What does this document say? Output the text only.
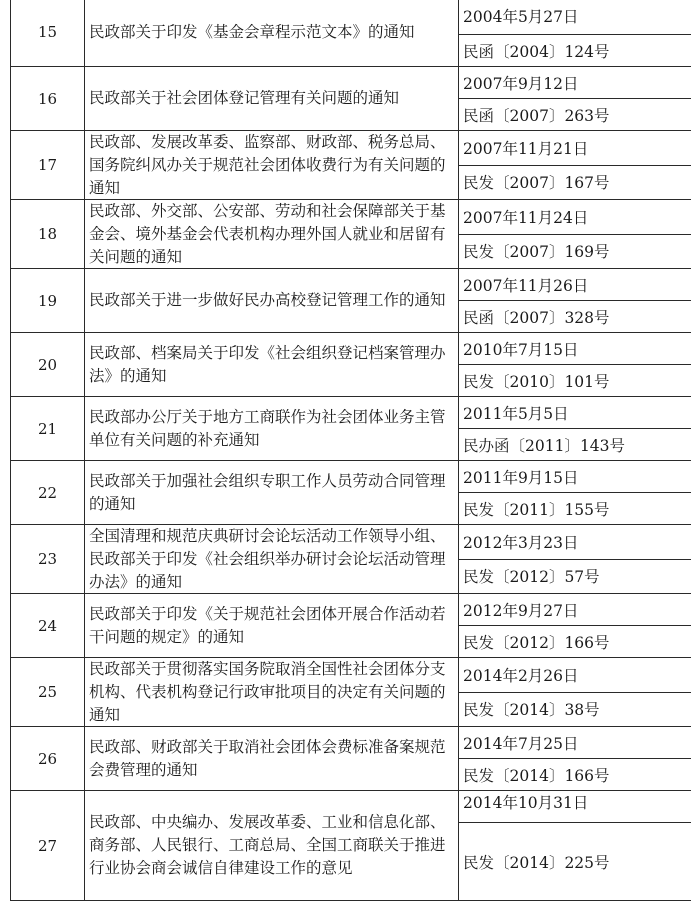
15	民政部关于印发《基金会章程示范文本》的通知	2004年5月27日
		民函〔2004〕124号
16	民政部关于社会团体登记管理有关问题的通知	2007年9月12日
		民函〔2007〕263号
17	民政部、发展改革委、监察部、财政部、税务总局、国务院纠风办关于规范社会团体收费行为有关问题的通知	2007年11月21日
		民发〔2007〕167号
18	民政部、外交部、公安部、劳动和社会保障部关于基金会、境外基金会代表机构办理外国人就业和居留有关问题的通知	2007年11月24日
		民发〔2007〕169号
19	民政部关于进一步做好民办高校登记管理工作的通知	2007年11月26日
		民函〔2007〕328号
20	民政部、档案局关于印发《社会组织登记档案管理办法》的通知	2010年7月15日
		民发〔2010〕101号
21	民政部办公厅关于地方工商联作为社会团体业务主管单位有关问题的补充通知	2011年5月5日
		民办函〔2011〕143号
22	民政部关于加强社会组织专职工作人员劳动合同管理的通知	2011年9月15日
		民发〔2011〕155号
23	全国清理和规范庆典研讨会论坛活动工作领导小组、民政部关于印发《社会组织举办研讨会论坛活动管理办法》的通知	2012年3月23日
		民发〔2012〕57号
24	民政部关于印发《关于规范社会团体开展合作活动若干问题的规定》的通知	2012年9月27日
		民发〔2012〕166号
25	民政部关于贯彻落实国务院取消全国性社会团体分支机构、代表机构登记行政审批项目的决定有关问题的通知	2014年2月26日
		民发〔2014〕38号
26	民政部、财政部关于取消社会团体会费标准备案规范会费管理的通知	2014年7月25日
		民发〔2014〕166号
27	民政部、中央编办、发展改革委、工业和信息化部、商务部、人民银行、工商总局、全国工商联关于推进行业协会商会诚信自律建设工作的意见	2014年10月31日
		民发〔2014〕225号
